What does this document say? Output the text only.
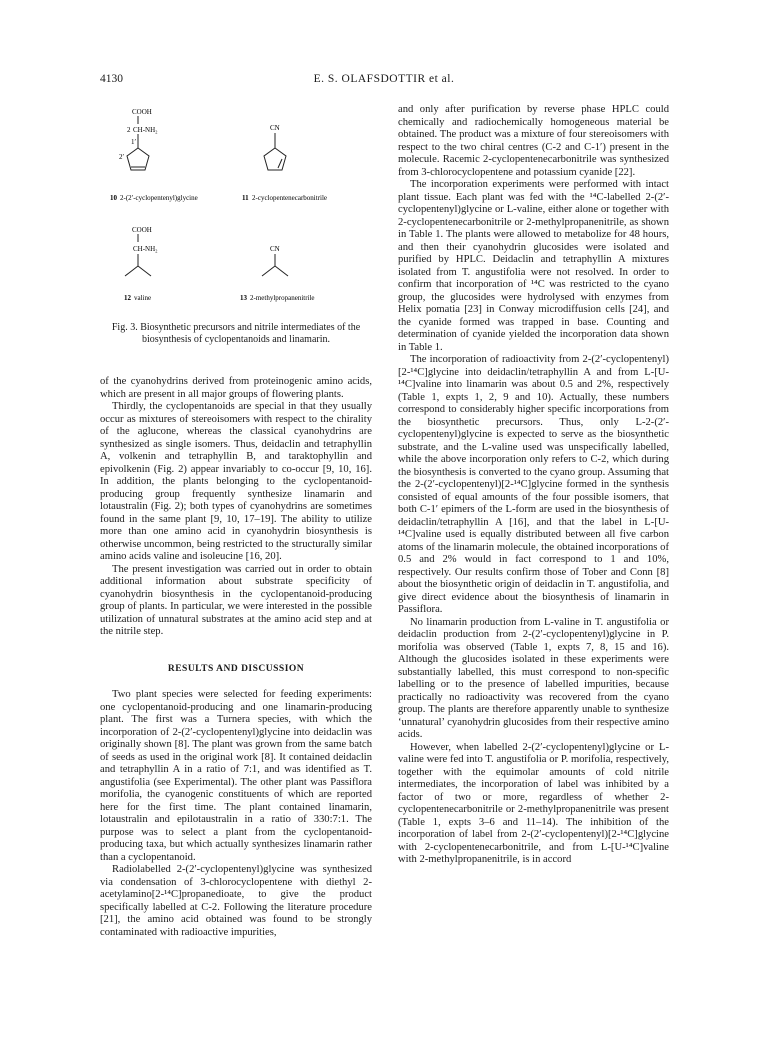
4130	E. S. OLAFSDOTTIR et al.
COOH
2 CH-NH₂
1′
2′
CN
COOH
CH-NH₂	CN
10 2-(2′-cyclopentenyl)glycine	11 2-cyclopentenecarbonitrile
12 valine	13 2-methylpropanenitrile
Fig. 3. Biosynthetic precursors and nitrile intermediates of the biosynthesis of cyclopentanoids and linamarin.

of the cyanohydrins derived from proteinogenic amino acids, which are present in all major groups of flowering plants.

Thirdly, the cyclopentanoids are special in that they usually occur as mixtures of stereoisomers with respect to the chirality of the aglucone, whereas the classical cyanohydrins are synthesized as single isomers. Thus, deidaclin and tetraphyllin A, volkenin and tetraphyllin B, and taraktophyllin and epivolkenin (Fig. 2) appear invariably to co-occur [9, 10, 16]. In addition, the plants belonging to the cyclopentanoid-producing group frequently synthesize linamarin and lotaustralin (Fig. 2); both types of cyanohydrins are sometimes found in the same plant [9, 10, 17–19]. The ability to utilize more than one amino acid in cyanohydrin biosynthesis is otherwise uncommon, being restricted to the structurally similar amino acids valine and isoleucine [16, 20].

The present investigation was carried out in order to obtain additional information about substrate specificity of cyanohydrin biosynthesis in the cyclopentanoid-producing group of plants. In particular, we were interested in the possible utilization of unnatural substrates at the amino acid step and at the nitrile step.

RESULTS AND DISCUSSION

Two plant species were selected for feeding experiments: one cyclopentanoid-producing and one linamarin-producing plant. The first was a Turnera species, with which the incorporation of 2-(2′-cyclopentenyl)glycine into deidaclin was originally shown [8]. The plant was grown from the same batch of seeds as used in the original work [8]. It contained deidaclin and tetraphyllin A in a ratio of 7:1, and was identified as T. angustifolia (see Experimental). The other plant was Passiflora morifolia, the cyanogenic constituents of which are reported here for the first time. The plant contained linamarin, lotaustralin and epilotaustralin in a ratio of 330:7:1. The purpose was to select a plant from the cyclopentanoid-producing taxa, but which actually synthesizes linamarin rather than a cyclopentanoid.

Radiolabelled 2-(2′-cyclopentenyl)glycine was synthesized via condensation of 3-chlorocyclopentene with diethyl 2-acetylamino[2-¹⁴C]propanedioate, to give the product specifically labelled at C-2. Following the literature procedure [21], the amino acid obtained was found to be strongly contaminated with radioactive impurities,

and only after purification by reverse phase HPLC could chemically and radiochemically homogeneous material be obtained. The product was a mixture of four stereoisomers with respect to the two chiral centres (C-2 and C-1′) present in the molecule. Racemic 2-cyclopentenecarbonitrile was synthesized from 3-chlorocyclopentene and potassium cyanide [22].

The incorporation experiments were performed with intact plant tissue. Each plant was fed with the ¹⁴C-labelled 2-(2′-cyclopentenyl)glycine or L-valine, either alone or together with 2-cyclopentenecarbonitrile or 2-methylpropanenitrile, as shown in Table 1. The plants were allowed to metabolize for 48 hours, and then their cyanohydrin glucosides were isolated and purified by HPLC. Deidaclin and tetraphyllin A mixtures isolated from T. angustifolia were not resolved. In order to confirm that incorporation of ¹⁴C was restricted to the cyano group, the glucosides were hydrolysed with enzymes from Helix pomatia [23] in Conway microdiffusion cells [24], and the cyanide formed was trapped in base. Counting and determination of cyanide yielded the incorporation data shown in Table 1.

The incorporation of radioactivity from 2-(2′-cyclopentenyl)[2-¹⁴C]glycine into deidaclin/tetraphyllin A and from L-[U-¹⁴C]valine into linamarin was about 0.5 and 2%, respectively (Table 1, expts 1, 2, 9 and 10). Actually, these numbers correspond to considerably higher specific incorporations from the biosynthetic precursors. Thus, only L-2-(2′-cyclopentenyl)glycine is expected to serve as the biosynthetic substrate, and the L-valine used was unspecifically labelled, while the above incorporation only refers to C-2, which during the biosynthesis is converted to the cyano group. Assuming that the 2-(2′-cyclopentenyl)[2-¹⁴C]glycine formed in the synthesis consisted of equal amounts of the four possible isomers, that both C-1′ epimers of the L-form are used in the biosynthesis of deidaclin/tetraphyllin A [16], and that the label in L-[U-¹⁴C]valine used is equally distributed between all five carbon atoms of the linamarin molecule, the obtained incorporations of 0.5 and 2% would in fact correspond to 1 and 10%, respectively. Our results confirm those of Tober and Conn [8] about the biosynthetic origin of deidaclin in T. angustifolia, and give direct evidence about the biosynthesis of linamarin in Passiflora.

No linamarin production from L-valine in T. angustifolia or deidaclin production from 2-(2′-cyclopentenyl)glycine in P. morifolia was observed (Table 1, expts 7, 8, 15 and 16). Although the glucosides isolated in these experiments were substantially labelled, this must correspond to non-specific labelling or to the presence of labelled impurities, because practically no radioactivity was recovered from the cyano group. The plants are therefore apparently unable to synthesize ‘unnatural’ cyanohydrin glucosides from their respective amino acids.

However, when labelled 2-(2′-cyclopentenyl)glycine or L-valine were fed into T. angustifolia or P. morifolia, respectively, together with the equimolar amounts of cold nitrile intermediates, the incorporation of label was inhibited by a factor of two or more, regardless of whether 2-cyclopentenecarbonitrile or 2-methylpropanenitrile was present (Table 1, expts 3–6 and 11–14). The inhibition of the incorporation of label from 2-(2′-cyclopentenyl)[2-¹⁴C]glycine with 2-cyclopentenecarbonitrile, and from L-[U-¹⁴C]valine with 2-methylpropanenitrile, is in accord
